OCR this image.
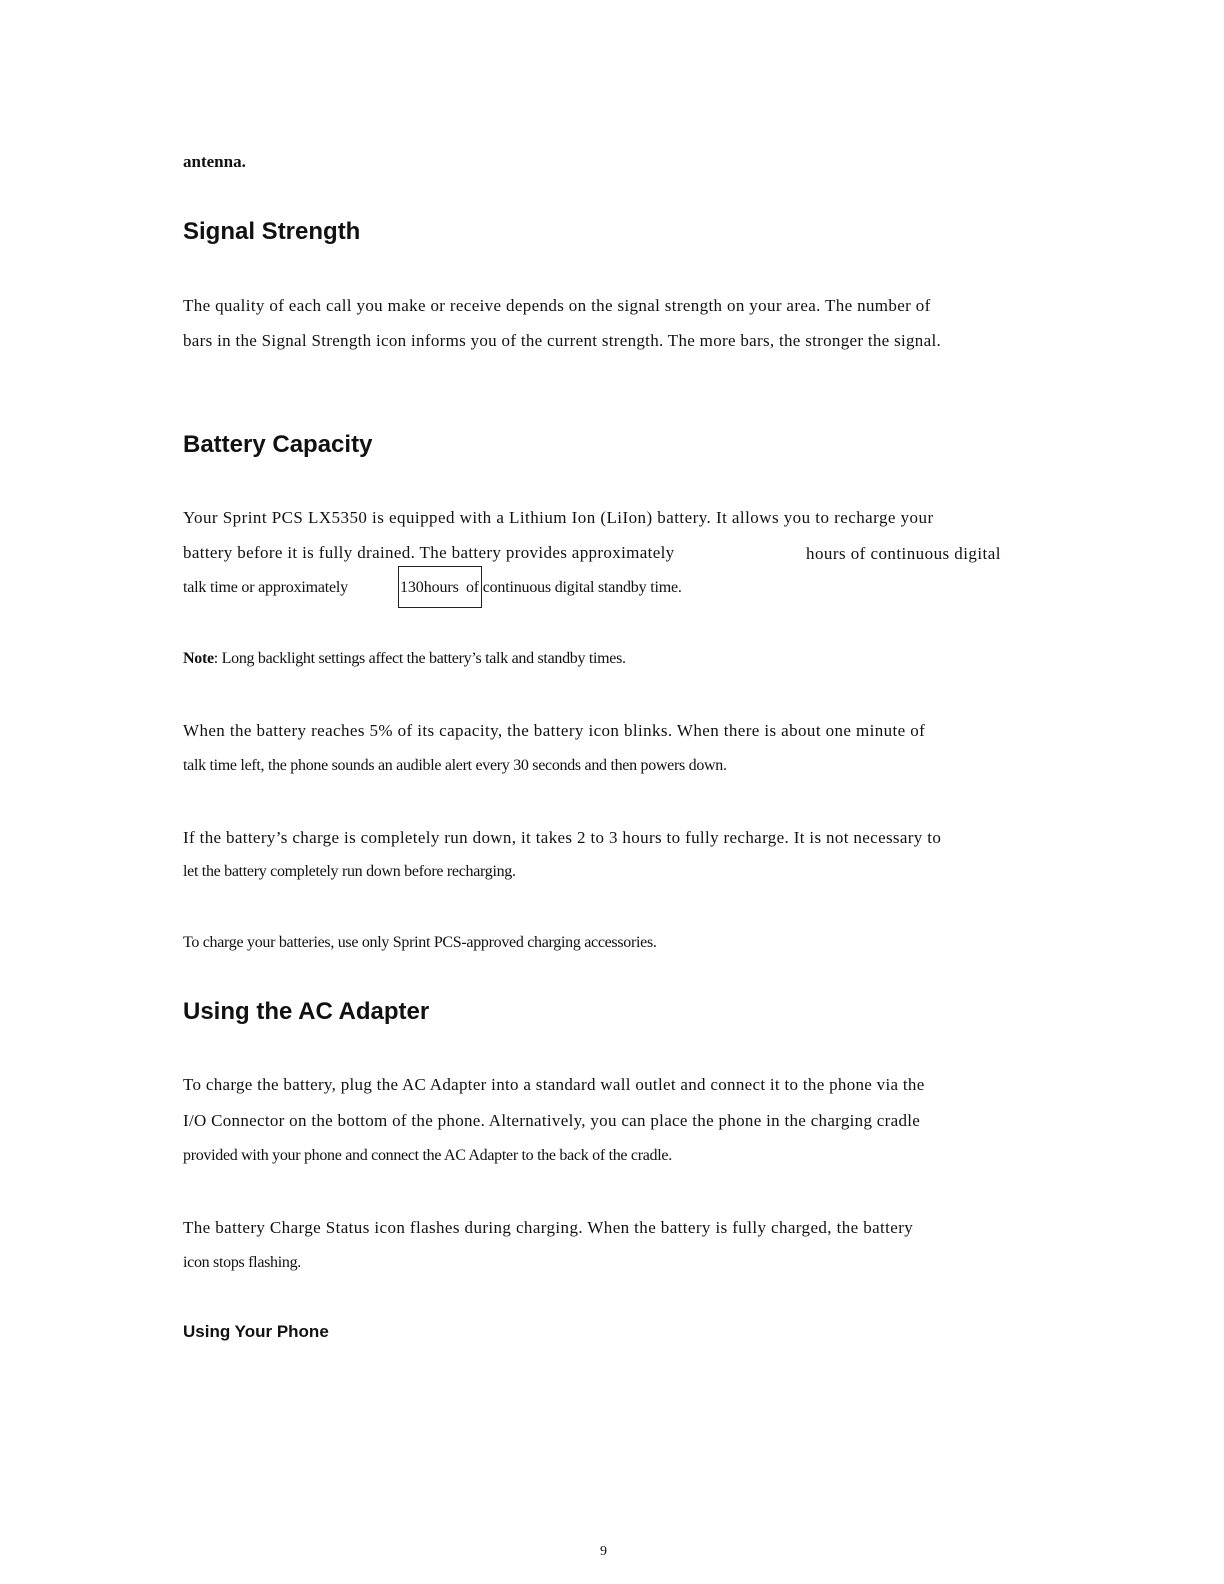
antenna.
Signal Strength
The quality of each call you make or receive depends on the signal strength on your area. The number of
bars in the Signal Strength icon informs you of the current strength. The more bars, the stronger the signal.
Battery Capacity
Your Sprint PCS LX5350 is equipped with a Lithium Ion (LiIon) battery. It allows you to recharge your
battery before it is fully drained. The battery provides approximately	hours of continuous digital
talk time or approximately	130hours of continuous digital standby time.
Note: Long backlight settings affect the battery’s talk and standby times.
When the battery reaches 5% of its capacity, the battery icon blinks. When there is about one minute of
talk time left, the phone sounds an audible alert every 30 seconds and then powers down.
If the battery’s charge is completely run down, it takes 2 to 3 hours to fully recharge. It is not necessary to
let the battery completely run down before recharging.
To charge your batteries, use only Sprint PCS-approved charging accessories.
Using the AC Adapter
To charge the battery, plug the AC Adapter into a standard wall outlet and connect it to the phone via the
I/O Connector on the bottom of the phone. Alternatively, you can place the phone in the charging cradle
provided with your phone and connect the AC Adapter to the back of the cradle.
The battery Charge Status icon flashes during charging. When the battery is fully charged, the battery
icon stops flashing.
Using Your Phone
9
